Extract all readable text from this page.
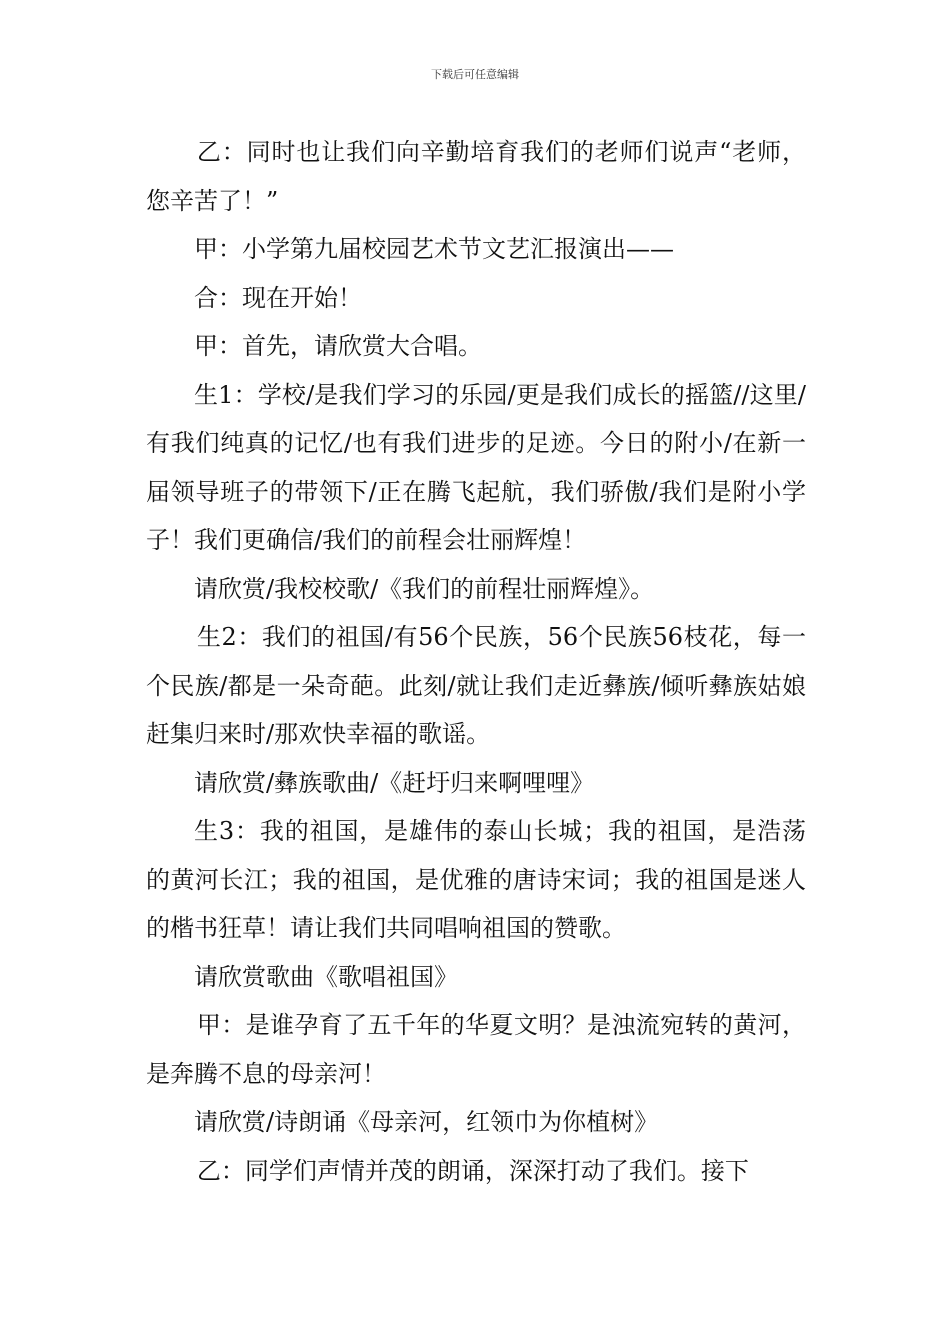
下载后可任意编辑

乙：同时也让我们向辛勤培育我们的老师们说声“老师，您辛苦了！”

甲：小学第九届校园艺术节文艺汇报演出——

合：现在开始！

甲：首先，请欣赏大合唱。

生1：学校/是我们学习的乐园/更是我们成长的摇篮//这里/有我们纯真的记忆/也有我们进步的足迹。今日的附小/在新一届领导班子的带领下/正在腾飞起航，我们骄傲/我们是附小学子！我们更确信/我们的前程会壮丽辉煌！

请欣赏/我校校歌/《我们的前程壮丽辉煌》。

生2：我们的祖国/有56个民族，56个民族56枝花，每一个民族/都是一朵奇葩。此刻/就让我们走近彝族/倾听彝族姑娘赶集归来时/那欢快幸福的歌谣。

请欣赏/彝族歌曲/《赶圩归来啊哩哩》

生3：我的祖国，是雄伟的泰山长城；我的祖国，是浩荡的黄河长江；我的祖国，是优雅的唐诗宋词；我的祖国是迷人的楷书狂草！请让我们共同唱响祖国的赞歌。

请欣赏歌曲《歌唱祖国》

甲：是谁孕育了五千年的华夏文明？是浊流宛转的黄河，是奔腾不息的母亲河！

请欣赏/诗朗诵《母亲河，红领巾为你植树》

乙：同学们声情并茂的朗诵，深深打动了我们。接下
